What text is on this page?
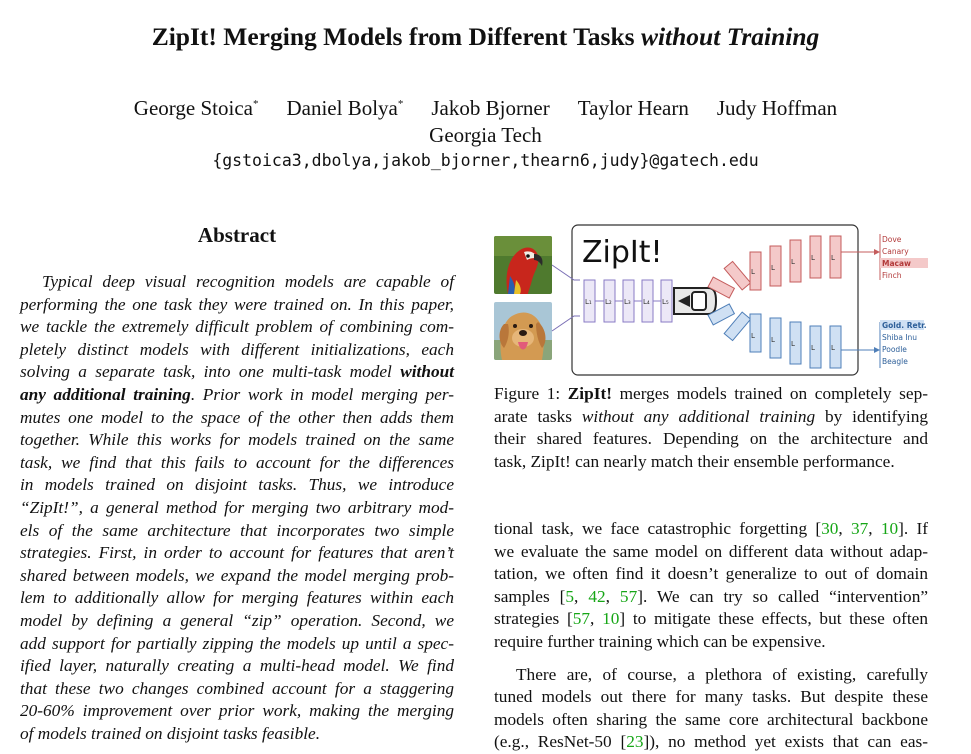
ZipIt! Merging Models from Different Tasks without Training
George Stoica* Daniel Bolya* Jakob Bjorner Taylor Hearn Judy Hoffman
Georgia Tech
{gstoica3,dbolya,jakob_bjorner,thearn6,judy}@gatech.edu
Abstract
Typical deep visual recognition models are capable of
performing the one task they were trained on. In this paper,
we tackle the extremely difficult problem of combining com-
pletely distinct models with different initializations, each
solving a separate task, into one multi-task model without
any additional training. Prior work in model merging per-
mutes one model to the space of the other then adds them
together. While this works for models trained on the same
task, we find that this fails to account for the differences
in models trained on disjoint tasks. Thus, we introduce
“ZipIt!”, a general method for merging two arbitrary mod-
els of the same architecture that incorporates two simple
strategies. First, in order to account for features that aren’t
shared between models, we expand the model merging prob-
lem to additionally allow for merging features within each
model by defining a general “zip” operation. Second, we
add support for partially zipping the models up until a spec-
ified layer, naturally creating a multi-head model. We find
that these two changes combined account for a staggering
20-60% improvement over prior work, making the merging
of models trained on disjoint tasks feasible.
ZipIt!
L₁ L₂ L₃ L₄ L₅
L L
L L L
L L L L L
Dove
Canary
Macaw
Finch
Gold. Retr.
Shiba Inu
Poodle
Beagle
Figure 1: ZipIt! merges models trained on completely sep-
arate tasks without any additional training by identifying
their shared features. Depending on the architecture and
task, ZipIt! can nearly match their ensemble performance.
tional task, we face catastrophic forgetting [30, 37, 10]. If
we evaluate the same model on different data without adap-
tation, we often find it doesn’t generalize to out of domain
samples [5, 42, 57]. We can try so called “intervention”
strategies [57, 10] to mitigate these effects, but these often
require further training which can be expensive.
There are, of course, a plethora of existing, carefully
tuned models out there for many tasks. But despite these
models often sharing the same core architectural backbone
(e.g., ResNet-50 [23]), no method yet exists that can eas-
